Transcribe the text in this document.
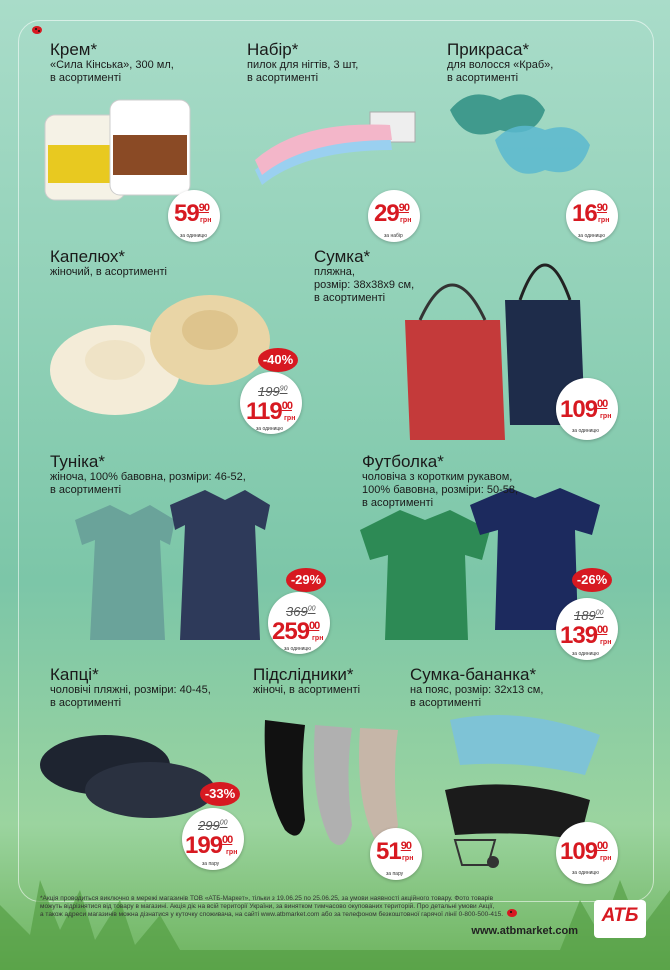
Крем*

«Сила Кінська», 300 мл,

в асортименті

$59^{90}$
грн
за одиницю

Набір*

пилок для нігтів, 3 шт,

в асортименті

$29^{90}$
грн
за набір

Прикраса*

для волосся «Краб»,

в асортименті

$16^{90}$
грн
за одиницю

Капелюх*

жіночий, в асортименті

-40%
$199^{90}$
$119^{00}$
грн
за одиницю

Сумка*

пляжна,

розмір: 38x38x9 см,

в асортименті

$109^{00}$
грн
за одиницю

Туніка*

жіноча, 100% бавовна, розміри: 46-52,

в асортименті

-29%
$369^{00}$
$259^{00}$
грн
за одиницю

Футболка*

чоловіча з коротким рукавом,

100% бавовна, розміри: 50-58,

в асортименті

-26%
$189^{00}$
$139^{00}$
грн
за одиницю

Капці*

чоловічі пляжні, розміри: 40-45,

в асортименті

-33%
$299^{00}$
$199^{00}$
грн
за пару

Підслідники*

жіночі, в асортименті

$51^{90}$
грн
за пару

Сумка-бананка*

на пояс, розмір: 32x13 см,

в асортименті

$109^{00}$
грн
за одиницю
*Акція проводиться виключно в мережі магазинів ТОВ «АТБ-Маркет», тільки з 19.06.25 по 25.06.25, за умови наявності акційного товару. Фото товарів
можуть відрізнятися від товару в магазині. Акція діє на всій території України, за винятком тимчасово окупованих територій. Про детальні умови Акції,
а також адреси магазинів можна дізнатися у куточку споживача, на сайті www.atbmarket.com або за телефоном безкоштовної гарячої лінії 0-800-500-415.
www.atbmarket.com
АТБ
